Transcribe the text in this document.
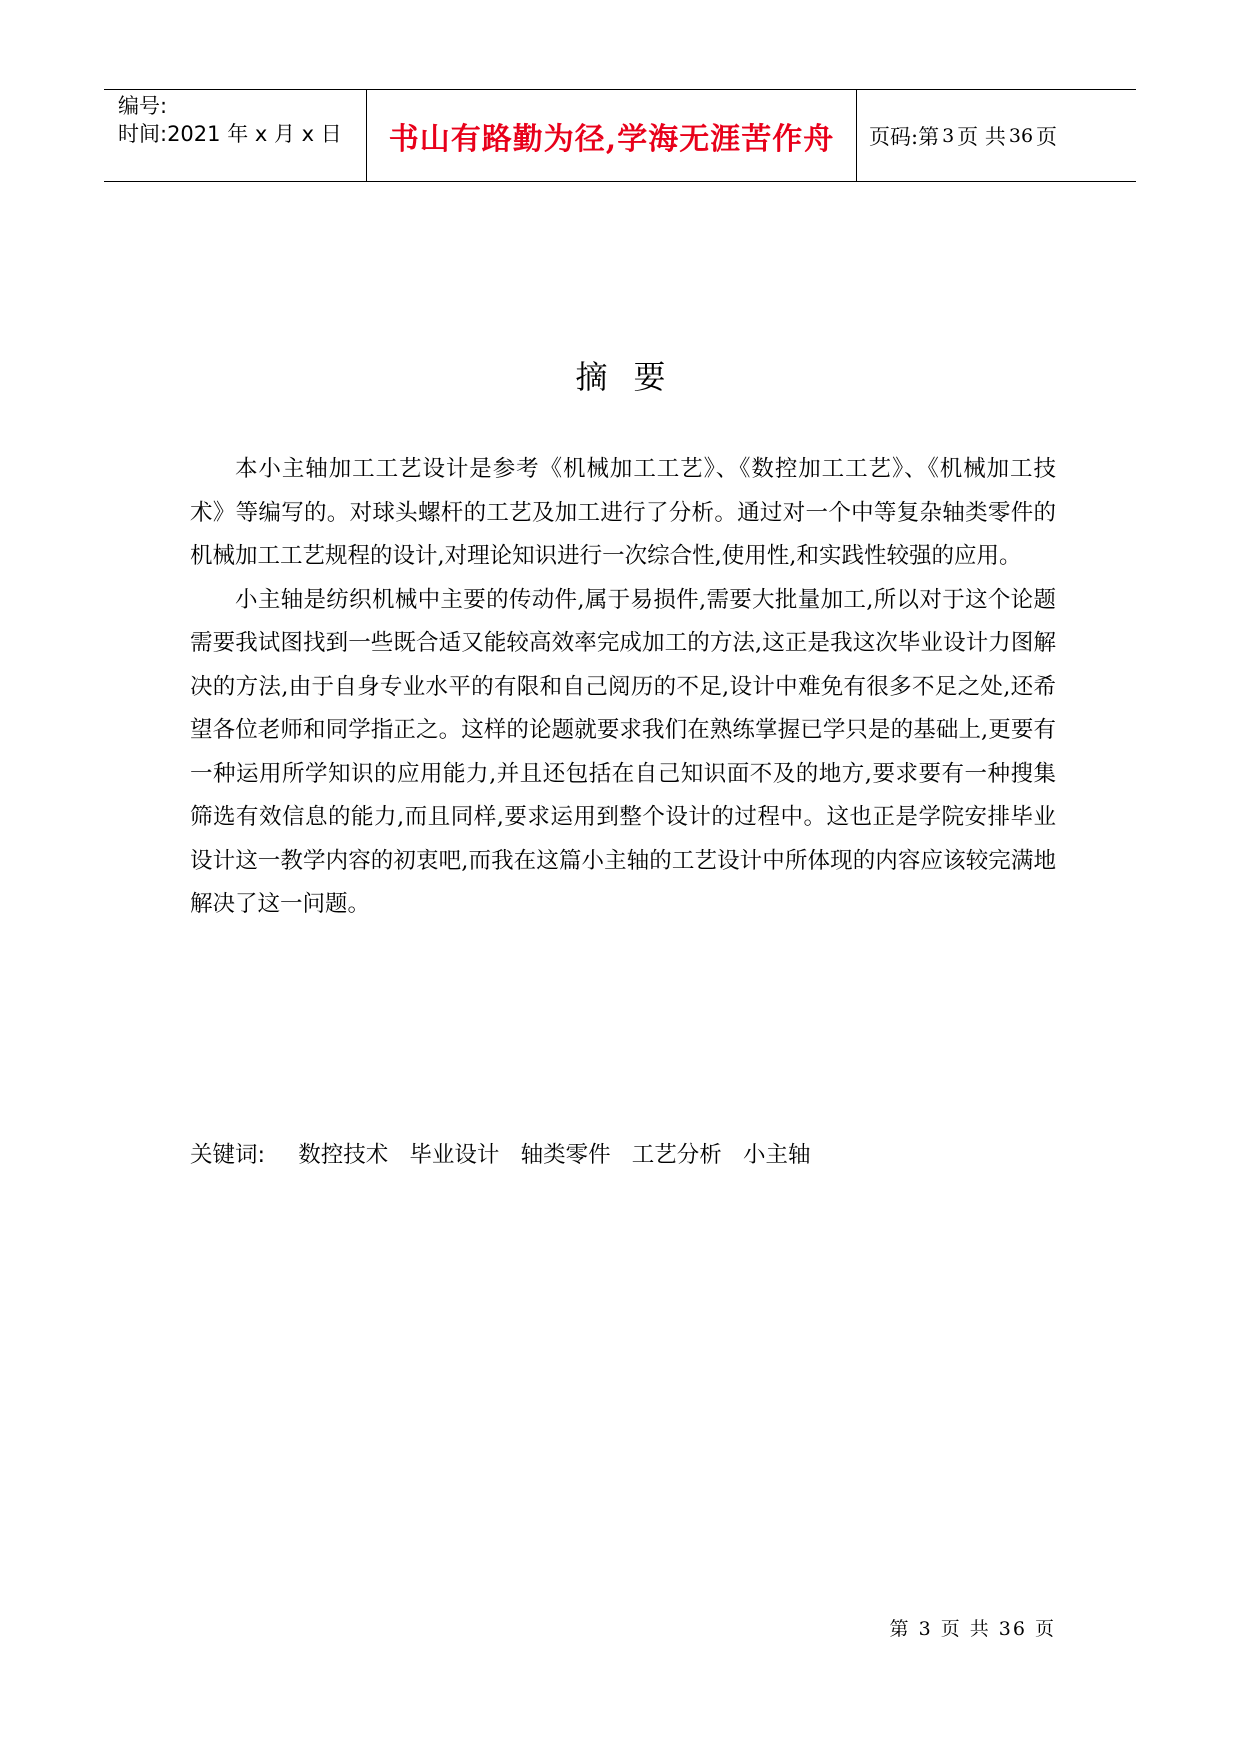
编号:
时间:2021 年 x 月 x 日	书山有路勤为径,学海无涯苦作舟	页码:第 3 页 共 36 页
摘要

本小主轴加工工艺设计是参考《机械加工工艺》、《数控加工工艺》、《机械加工技术》等编写的。对球头螺杆的工艺及加工进行了分析。通过对一个中等复杂轴类零件的机械加工工艺规程的设计,对理论知识进行一次综合性,使用性,和实践性较强的应用。

小主轴是纺织机械中主要的传动件,属于易损件,需要大批量加工,所以对于这个论题需要我试图找到一些既合适又能较高效率完成加工的方法,这正是我这次毕业设计力图解决的方法,由于自身专业水平的有限和自己阅历的不足,设计中难免有很多不足之处,还希望各位老师和同学指正之。这样的论题就要求我们在熟练掌握已学只是的基础上,更要有一种运用所学知识的应用能力,并且还包括在自己知识面不及的地方,要求要有一种搜集筛选有效信息的能力,而且同样,要求运用到整个设计的过程中。这也正是学院安排毕业设计这一教学内容的初衷吧,而我在这篇小主轴的工艺设计中所体现的内容应该较完满地解决了这一问题。

关键词: 数控技术 毕业设计 轴类零件 工艺分析 小主轴
第 3 页 共 36 页
